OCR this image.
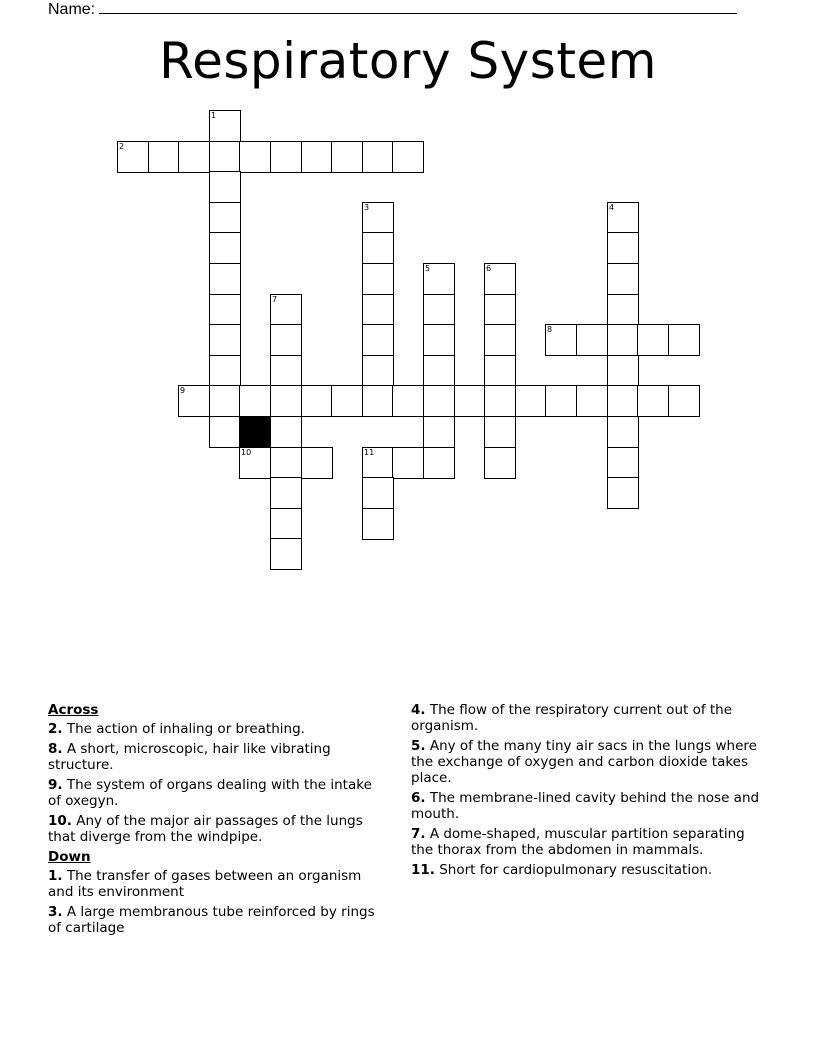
Name:
Respiratory System
1
2
3	4
5	6
7
8
9
10	11
Across
2. The action of inhaling or breathing.
8. A short, microscopic, hair like vibrating structure.
9. The system of organs dealing with the intake of oxegyn.
10. Any of the major air passages of the lungs that diverge from the windpipe.
Down
1. The transfer of gases between an organism and its environment
3. A large membranous tube reinforced by rings of cartilage
4. The flow of the respiratory current out of the organism.
5. Any of the many tiny air sacs in the lungs where the exchange of oxygen and carbon dioxide takes place.
6. The membrane-lined cavity behind the nose and mouth.
7. A dome-shaped, muscular partition separating the thorax from the abdomen in mammals.
11. Short for cardiopulmonary resuscitation.
